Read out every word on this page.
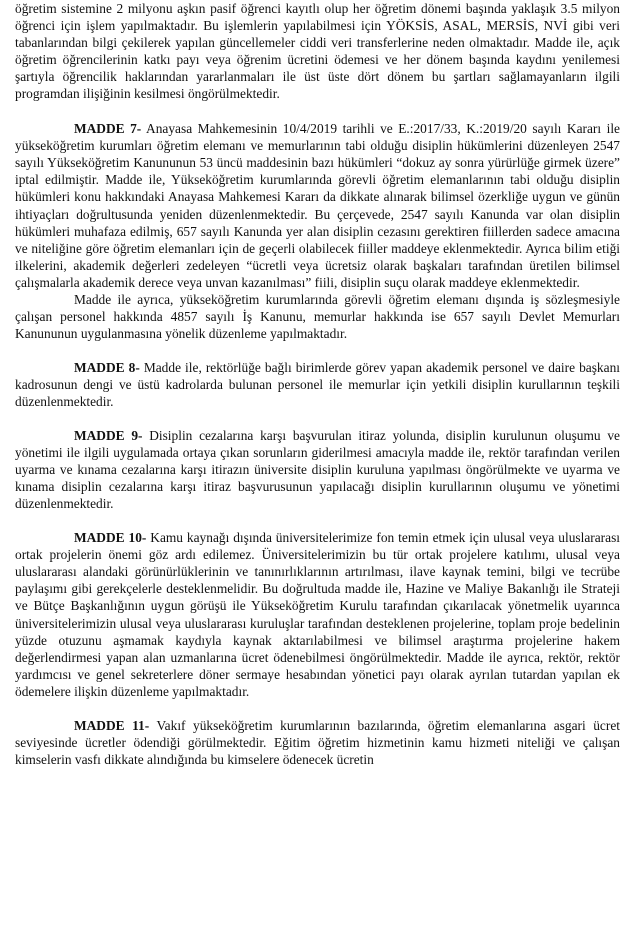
öğretim sistemine 2 milyonu aşkın pasif öğrenci kayıtlı olup her öğretim dönemi başında yaklaşık 3.5 milyon öğrenci için işlem yapılmaktadır. Bu işlemlerin yapılabilmesi için YÖKSİS, ASAL, MERSİS, NVİ gibi veri tabanlarından bilgi çekilerek yapılan güncellemeler ciddi veri transferlerine neden olmaktadır. Madde ile, açık öğretim öğrencilerinin katkı payı veya öğrenim ücretini ödemesi ve her dönem başında kaydını yenilemesi şartıyla öğrencilik haklarından yararlanmaları ile üst üste dört dönem bu şartları sağlamayanların ilgili programdan ilişiğinin kesilmesi öngörülmektedir.

MADDE 7- Anayasa Mahkemesinin 10/4/2019 tarihli ve E.:2017/33, K.:2019/20 sayılı Kararı ile yükseköğretim kurumları öğretim elemanı ve memurlarının tabi olduğu disiplin hükümlerini düzenleyen 2547 sayılı Yükseköğretim Kanununun 53 üncü maddesinin bazı hükümleri “dokuz ay sonra yürürlüğe girmek üzere” iptal edilmiştir. Madde ile, Yükseköğretim kurumlarında görevli öğretim elemanlarının tabi olduğu disiplin hükümleri konu hakkındaki Anayasa Mahkemesi Kararı da dikkate alınarak bilimsel özerkliğe uygun ve günün ihtiyaçları doğrultusunda yeniden düzenlenmektedir. Bu çerçevede, 2547 sayılı Kanunda var olan disiplin hükümleri muhafaza edilmiş, 657 sayılı Kanunda yer alan disiplin cezasını gerektiren fiillerden sadece amacına ve niteliğine göre öğretim elemanları için de geçerli olabilecek fiiller maddeye eklenmektedir. Ayrıca bilim etiği ilkelerini, akademik değerleri zedeleyen “ücretli veya ücretsiz olarak başkaları tarafından üretilen bilimsel çalışmalarla akademik derece veya unvan kazanılması” fiili, disiplin suçu olarak maddeye eklenmektedir.

Madde ile ayrıca, yükseköğretim kurumlarında görevli öğretim elemanı dışında iş sözleşmesiyle çalışan personel hakkında 4857 sayılı İş Kanunu, memurlar hakkında ise 657 sayılı Devlet Memurları Kanununun uygulanmasına yönelik düzenleme yapılmaktadır.

MADDE 8- Madde ile, rektörlüğe bağlı birimlerde görev yapan akademik personel ve daire başkanı kadrosunun dengi ve üstü kadrolarda bulunan personel ile memurlar için yetkili disiplin kurullarının teşkili düzenlenmektedir.

MADDE 9- Disiplin cezalarına karşı başvurulan itiraz yolunda, disiplin kurulunun oluşumu ve yönetimi ile ilgili uygulamada ortaya çıkan sorunların giderilmesi amacıyla madde ile, rektör tarafından verilen uyarma ve kınama cezalarına karşı itirazın üniversite disiplin kuruluna yapılması öngörülmekte ve uyarma ve kınama disiplin cezalarına karşı itiraz başvurusunun yapılacağı disiplin kurullarının oluşumu ve yönetimi düzenlenmektedir.

MADDE 10- Kamu kaynağı dışında üniversitelerimize fon temin etmek için ulusal veya uluslararası ortak projelerin önemi göz ardı edilemez. Üniversitelerimizin bu tür ortak projelere katılımı, ulusal veya uluslararası alandaki görünürlüklerinin ve tanınırlıklarının artırılması, ilave kaynak temini, bilgi ve tecrübe paylaşımı gibi gerekçelerle desteklenmelidir. Bu doğrultuda madde ile, Hazine ve Maliye Bakanlığı ile Strateji ve Bütçe Başkanlığının uygun görüşü ile Yükseköğretim Kurulu tarafından çıkarılacak yönetmelik uyarınca üniversitelerimizin ulusal veya uluslararası kuruluşlar tarafından desteklenen projelerine, toplam proje bedelinin yüzde otuzunu aşmamak kaydıyla kaynak aktarılabilmesi ve bilimsel araştırma projelerine hakem değerlendirmesi yapan alan uzmanlarına ücret ödenebilmesi öngörülmektedir. Madde ile ayrıca, rektör, rektör yardımcısı ve genel sekreterlere döner sermaye hesabından yönetici payı olarak ayrılan tutardan yapılan ek ödemelere ilişkin düzenleme yapılmaktadır.

MADDE 11- Vakıf yükseköğretim kurumlarının bazılarında, öğretim elemanlarına asgari ücret seviyesinde ücretler ödendiği görülmektedir. Eğitim öğretim hizmetinin kamu hizmeti niteliği ve çalışan kimselerin vasfı dikkate alındığında bu kimselere ödenecek ücretin
